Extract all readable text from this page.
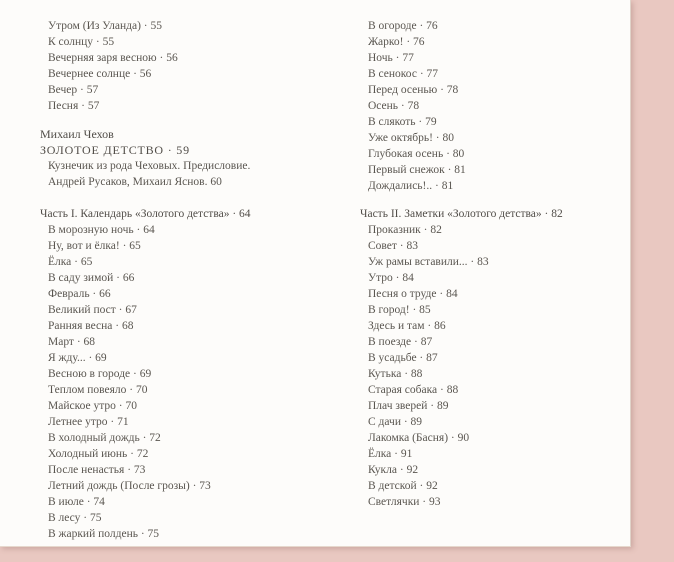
Утром (Из Уланда) · 55
К солнцу · 55
Вечерняя заря весною · 56
Вечернее солнце · 56
Вечер · 57
Песня · 57
Михаил Чехов
ЗОЛОТОЕ ДЕТСТВО · 59
Кузнечик из рода Чеховых. Предисловие.
Андрей Русаков, Михаил Яснов. 60
Часть I. Календарь «Золотого детства» · 64
В морозную ночь · 64
Ну, вот и ёлка! · 65
Ёлка · 65
В саду зимой · 66
Февраль · 66
Великий пост · 67
Ранняя весна · 68
Март · 68
Я жду... · 69
Весною в городе · 69
Теплом повеяло · 70
Майское утро · 70
Летнее утро · 71
В холодный дождь · 72
Холодный июнь · 72
После ненастья · 73
Летний дождь (После грозы) · 73
В июле · 74
В лесу · 75
В жаркий полдень · 75
В огороде · 76
Жарко! · 76
Ночь · 77
В сенокос · 77
Перед осенью · 78
Осень · 78
В слякоть · 79
Уже октябрь! · 80
Глубокая осень · 80
Первый снежок · 81
Дождались!.. · 81
Часть II. Заметки «Золотого детства» · 82
Проказник · 82
Совет · 83
Уж рамы вставили... · 83
Утро · 84
Песня о труде · 84
В город! · 85
Здесь и там · 86
В поезде · 87
В усадьбе · 87
Кутька · 88
Старая собака · 88
Плач зверей · 89
С дачи · 89
Лакомка (Басня) · 90
Ёлка · 91
Кукла · 92
В детской · 92
Светлячки · 93
